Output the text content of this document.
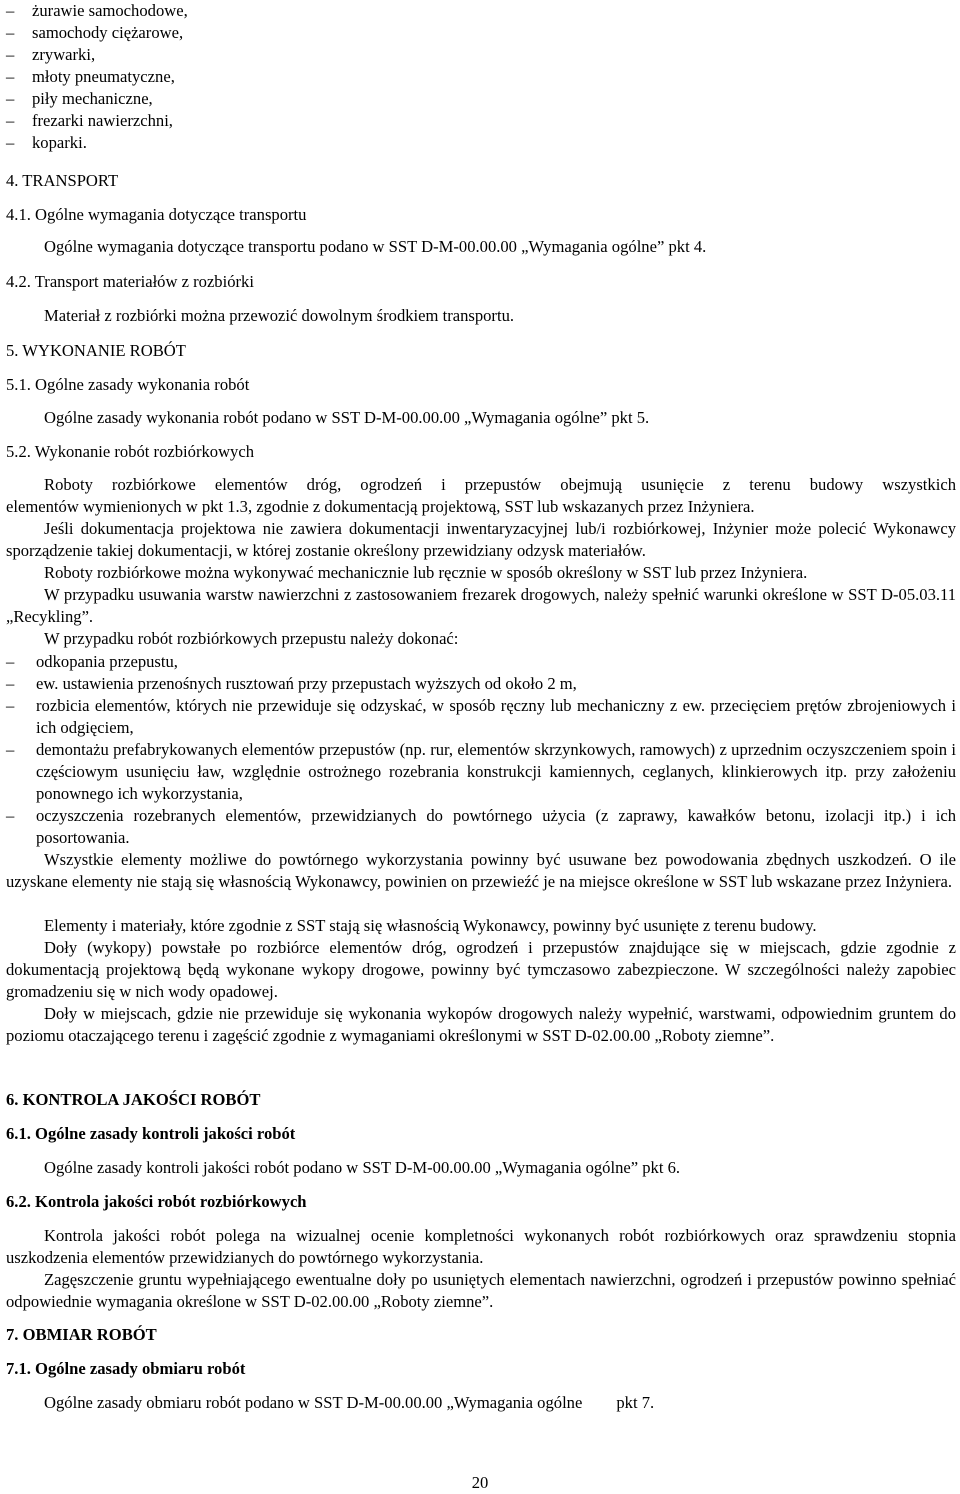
–	żurawie samochodowe,
–	samochody ciężarowe,
–	zrywarki,
–	młoty pneumatyczne,
–	piły mechaniczne,
–	frezarki nawierzchni,
–	koparki.
4. TRANSPORT
4.1. Ogólne wymagania dotyczące transportu
Ogólne wymagania dotyczące transportu podano w SST D-M-00.00.00 „Wymagania ogólne” pkt 4.
4.2. Transport materiałów z rozbiórki
Materiał z rozbiórki można przewozić dowolnym środkiem transportu.
5. WYKONANIE ROBÓT
5.1. Ogólne zasady wykonania robót
Ogólne zasady wykonania robót podano w SST D-M-00.00.00 „Wymagania ogólne” pkt 5.
5.2. Wykonanie robót rozbiórkowych
Roboty rozbiórkowe elementów dróg, ogrodzeń i przepustów obejmują usunięcie z terenu budowy wszystkich
elementów wymienionych w pkt 1.3, zgodnie z dokumentacją projektową, SST lub wskazanych przez Inżyniera.
Jeśli dokumentacja projektowa nie zawiera dokumentacji inwentaryzacyjnej lub/i rozbiórkowej, Inżynier może polecić Wykonawcy sporządzenie takiej dokumentacji, w której zostanie określony przewidziany odzysk materiałów.
Roboty rozbiórkowe można wykonywać mechanicznie lub ręcznie w sposób określony w SST lub przez Inżyniera.
W przypadku usuwania warstw nawierzchni z zastosowaniem frezarek drogowych, należy spełnić warunki określone w SST D-05.03.11 „Recykling”.
W przypadku robót rozbiórkowych przepustu należy dokonać:
–	odkopania przepustu,
–	ew. ustawienia przenośnych rusztowań przy przepustach wyższych od około 2 m,
–	rozbicia elementów, których nie przewiduje się odzyskać, w sposób ręczny lub mechaniczny z ew. przecięciem prętów zbrojeniowych i ich odgięciem,
–	demontażu prefabrykowanych elementów przepustów (np. rur, elementów skrzynkowych, ramowych) z uprzednim oczyszczeniem spoin i częściowym usunięciu ław, względnie ostrożnego rozebrania konstrukcji kamiennych, ceglanych, klinkierowych itp. przy założeniu ponownego ich wykorzystania,
–	oczyszczenia rozebranych elementów, przewidzianych do powtórnego użycia (z zaprawy, kawałków betonu, izolacji itp.) i ich posortowania.
Wszystkie elementy możliwe do powtórnego wykorzystania powinny być usuwane bez powodowania zbędnych uszkodzeń. O ile uzyskane elementy nie stają się własnością Wykonawcy, powinien on przewieźć je na miejsce określone w SST lub wskazane przez Inżyniera.
Elementy i materiały, które zgodnie z SST stają się własnością Wykonawcy, powinny być usunięte z terenu budowy.
Doły (wykopy) powstałe po rozbiórce elementów dróg, ogrodzeń i przepustów znajdujące się w miejscach, gdzie zgodnie z dokumentacją projektową będą wykonane wykopy drogowe, powinny być tymczasowo zabezpieczone. W szczególności należy zapobiec gromadzeniu się w nich wody opadowej.
Doły w miejscach, gdzie nie przewiduje się wykonania wykopów drogowych należy wypełnić, warstwami, odpowiednim gruntem do poziomu otaczającego terenu i zagęścić zgodnie z wymaganiami określonymi w SST D-02.00.00 „Roboty ziemne”.
6. KONTROLA JAKOŚCI ROBÓT
6.1. Ogólne zasady kontroli jakości robót
Ogólne zasady kontroli jakości robót podano w SST D-M-00.00.00 „Wymagania ogólne” pkt 6.
6.2. Kontrola jakości robót rozbiórkowych
Kontrola jakości robót polega na wizualnej ocenie kompletności wykonanych robót rozbiórkowych oraz sprawdzeniu stopnia uszkodzenia elementów przewidzianych do powtórnego wykorzystania.
Zagęszczenie gruntu wypełniającego ewentualne doły po usuniętych elementach nawierzchni, ogrodzeń i przepustów powinno spełniać odpowiednie wymagania określone w SST D-02.00.00 „Roboty ziemne”.
7. OBMIAR ROBÓT
7.1. Ogólne zasady obmiaru robót
Ogólne zasady obmiaru robót podano w SST D-M-00.00.00 „Wymagania ogólne pkt 7.
20
